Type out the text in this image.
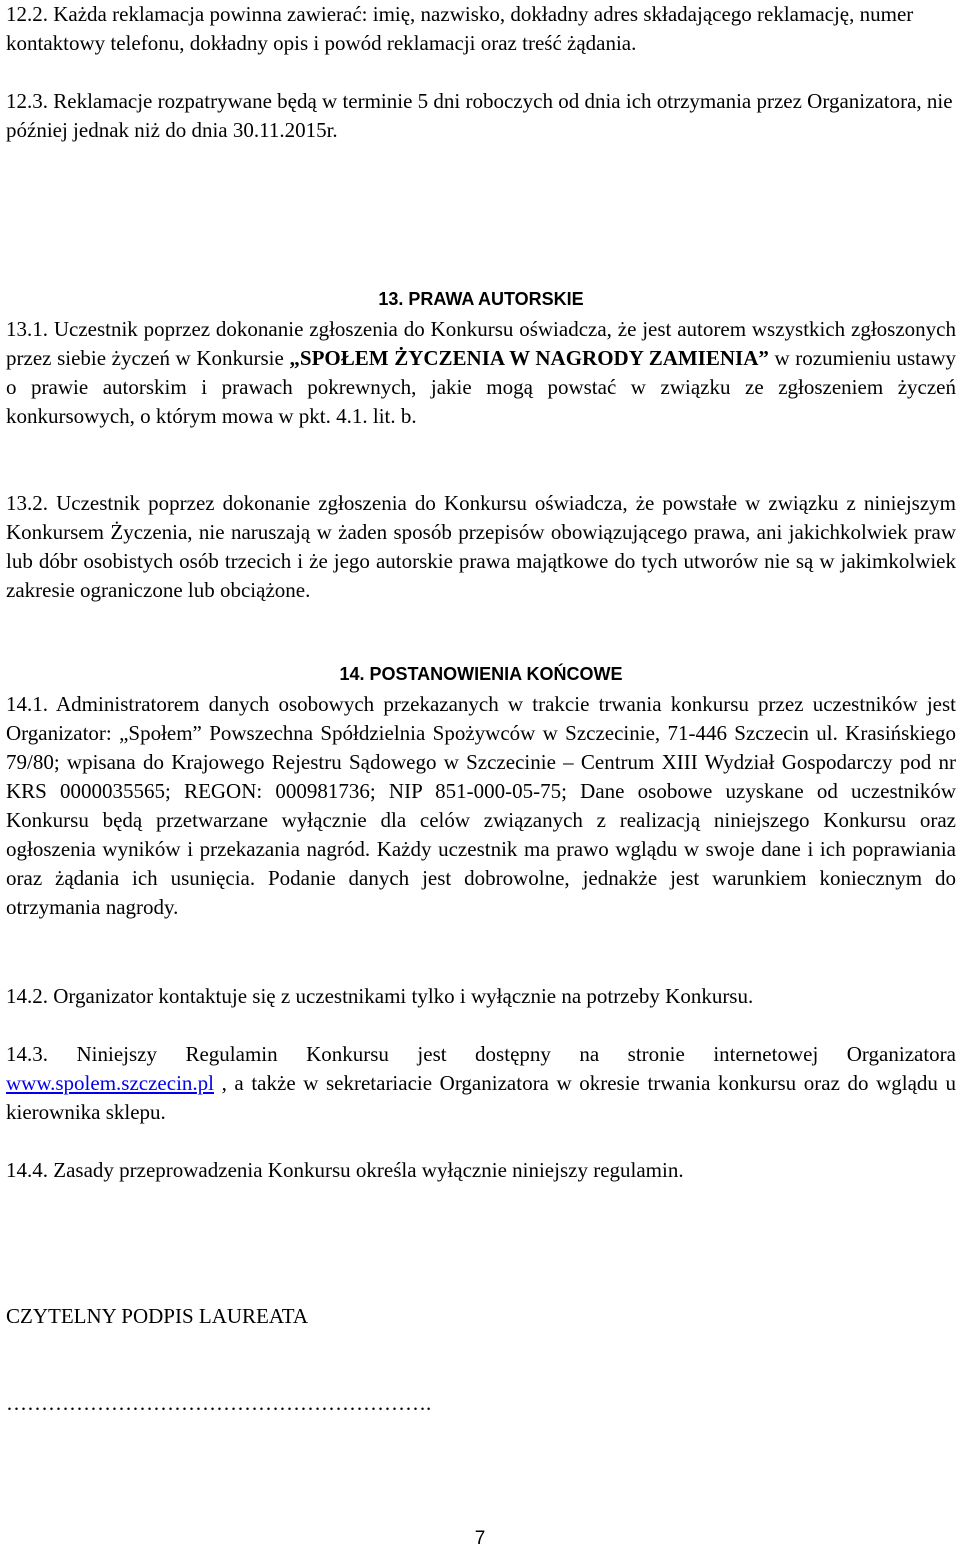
12.2. Każda reklamacja powinna zawierać: imię, nazwisko, dokładny adres składającego reklamację, numer kontaktowy telefonu, dokładny opis i powód reklamacji oraz treść żądania.

12.3. Reklamacje rozpatrywane będą w terminie 5 dni roboczych od dnia ich otrzymania przez Organizatora, nie później jednak niż do dnia 30.11.2015r.

13. PRAWA AUTORSKIE

13.1. Uczestnik poprzez dokonanie zgłoszenia do Konkursu oświadcza, że jest autorem wszystkich zgłoszonych przez siebie życzeń w Konkursie „SPOŁEM ŻYCZENIA W NAGRODY ZAMIENIA” w rozumieniu ustawy o prawie autorskim i prawach pokrewnych, jakie mogą powstać w związku ze zgłoszeniem życzeń konkursowych, o którym mowa w pkt. 4.1. lit. b.

13.2. Uczestnik poprzez dokonanie zgłoszenia do Konkursu oświadcza, że powstałe w związku z niniejszym Konkursem Życzenia, nie naruszają w żaden sposób przepisów obowiązującego prawa, ani jakichkolwiek praw lub dóbr osobistych osób trzecich i że jego autorskie prawa majątkowe do tych utworów nie są w jakimkolwiek zakresie ograniczone lub obciążone.

14. POSTANOWIENIA KOŃCOWE

14.1. Administratorem danych osobowych przekazanych w trakcie trwania konkursu przez uczestników jest Organizator: „Społem” Powszechna Spółdzielnia Spożywców w Szczecinie, 71-446 Szczecin ul. Krasińskiego 79/80; wpisana do Krajowego Rejestru Sądowego w Szczecinie – Centrum XIII Wydział Gospodarczy pod nr KRS 0000035565; REGON: 000981736; NIP 851-000-05-75; Dane osobowe uzyskane od uczestników Konkursu będą przetwarzane wyłącznie dla celów związanych z realizacją niniejszego Konkursu oraz ogłoszenia wyników i przekazania nagród. Każdy uczestnik ma prawo wglądu w swoje dane i ich poprawiania oraz żądania ich usunięcia. Podanie danych jest dobrowolne, jednakże jest warunkiem koniecznym do otrzymania nagrody.

14.2. Organizator kontaktuje się z uczestnikami tylko i wyłącznie na potrzeby Konkursu.

14.3. Niniejszy Regulamin Konkursu jest dostępny na stronie internetowej Organizatora www.spolem.szczecin.pl , a także w sekretariacie Organizatora w okresie trwania konkursu oraz do wglądu u kierownika sklepu.

14.4. Zasady przeprowadzenia Konkursu określa wyłącznie niniejszy regulamin.

CZYTELNY PODPIS LAUREATA

…………………………………………………….

7
